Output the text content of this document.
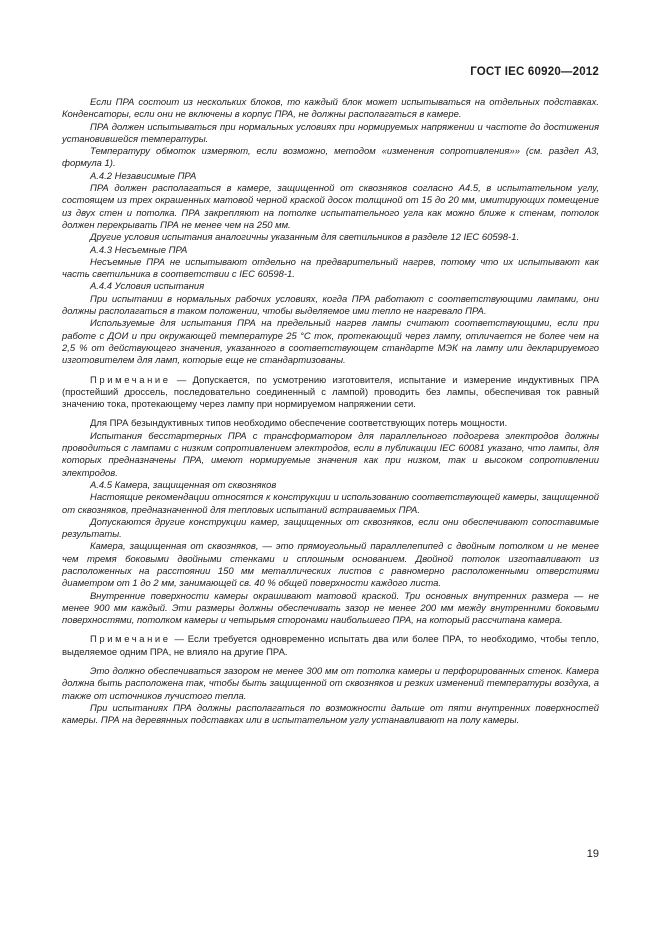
ГОСТ IEC 60920—2012

Если ПРА состоит из нескольких блоков, то каждый блок может испытываться на отдельных подставках. Конденсаторы, если они не включены в корпус ПРА, не должны располагаться в камере.

ПРА должен испытываться при нормальных условиях при нормируемых напряжении и частоте до достижения установившейся температуры.

Температуру обмоток измеряют, если возможно, методом «изменения сопротивления»» (см. раздел А3, формула 1).

А.4.2 Независимые ПРА

ПРА должен располагаться в камере, защищенной от сквозняков согласно А4.5, в испытательном углу, состоящем из трех окрашенных матовой черной краской досок толщиной от 15 до 20 мм, имитирующих помещение из двух стен и потолка. ПРА закрепляют на потолке испытательного угла как можно ближе к стенам, потолок должен перекрывать ПРА не менее чем на 250 мм.

Другие условия испытания аналогичны указанным для светильников в разделе 12 IEC 60598-1.

А.4.3 Несъемные ПРА

Несъемные ПРА не испытывают отдельно на предварительный нагрев, потому что их испытывают как часть светильника в соответствии с IEC 60598-1.

А.4.4 Условия испытания

При испытании в нормальных рабочих условиях, когда ПРА работают с соответствующими лампами, они должны располагаться в таком положении, чтобы выделяемое ими тепло не нагревало ПРА.

Используемые для испытания ПРА на предельный нагрев лампы считают соответствующими, если при работе с ДОИ и при окружающей температуре 25 °С ток, протекающий через лампу, отличается не более чем на 2,5 % от действующего значения, указанного в соответствующем стандарте МЭК на лампу или декларируемого изготовителем для ламп, которые еще не стандартизованы.

Примечание — Допускается, по усмотрению изготовителя, испытание и измерение индуктивных ПРА (простейший дроссель, последовательно соединенный с лампой) проводить без лампы, обеспечивая ток равный значению тока, протекающему через лампу при нормируемом напряжении сети.

Для ПРА безындуктивных типов необходимо обеспечение соответствующих потерь мощности.

Испытания бесстартерных ПРА с трансформатором для параллельного подогрева электродов должны проводиться с лампами с низким сопротивлением электродов, если в публикации IEC 60081 указано, что лампы, для которых предназначены ПРА, имеют нормируемые значения как при низком, так и высоком сопротивлении электродов.

А.4.5 Камера, защищенная от сквозняков

Настоящие рекомендации относятся к конструкции и использованию соответствующей камеры, защищенной от сквозняков, предназначенной для тепловых испытаний встраиваемых ПРА.

Допускаются другие конструкции камер, защищенных от сквозняков, если они обеспечивают сопоставимые результаты.

Камера, защищенная от сквозняков, — это прямоугольный параллелепипед с двойным потолком и не менее чем тремя боковыми двойными стенками и сплошным основанием. Двойной потолок изготавливают из расположенных на расстоянии 150 мм металлических листов с равномерно расположенными отверстиями диаметром от 1 до 2 мм, занимающей св. 40 % общей поверхности каждого листа.

Внутренние поверхности камеры окрашивают матовой краской. Три основных внутренних размера — не менее 900 мм каждый. Эти размеры должны обеспечивать зазор не менее 200 мм между внутренними боковыми поверхностями, потолком камеры и четырьмя сторонами наибольшего ПРА, на который рассчитана камера.

Примечание — Если требуется одновременно испытать два или более ПРА, то необходимо, чтобы тепло, выделяемое одним ПРА, не влияло на другие ПРА.

Это должно обеспечиваться зазором не менее 300 мм от потолка камеры и перфорированных стенок. Камера должна быть расположена так, чтобы быть защищенной от сквозняков и резких изменений температуры воздуха, а также от источников лучистого тепла.

При испытаниях ПРА должны располагаться по возможности дальше от пяти внутренних поверхностей камеры. ПРА на деревянных подставках или в испытательном углу устанавливают на полу камеры.

19
